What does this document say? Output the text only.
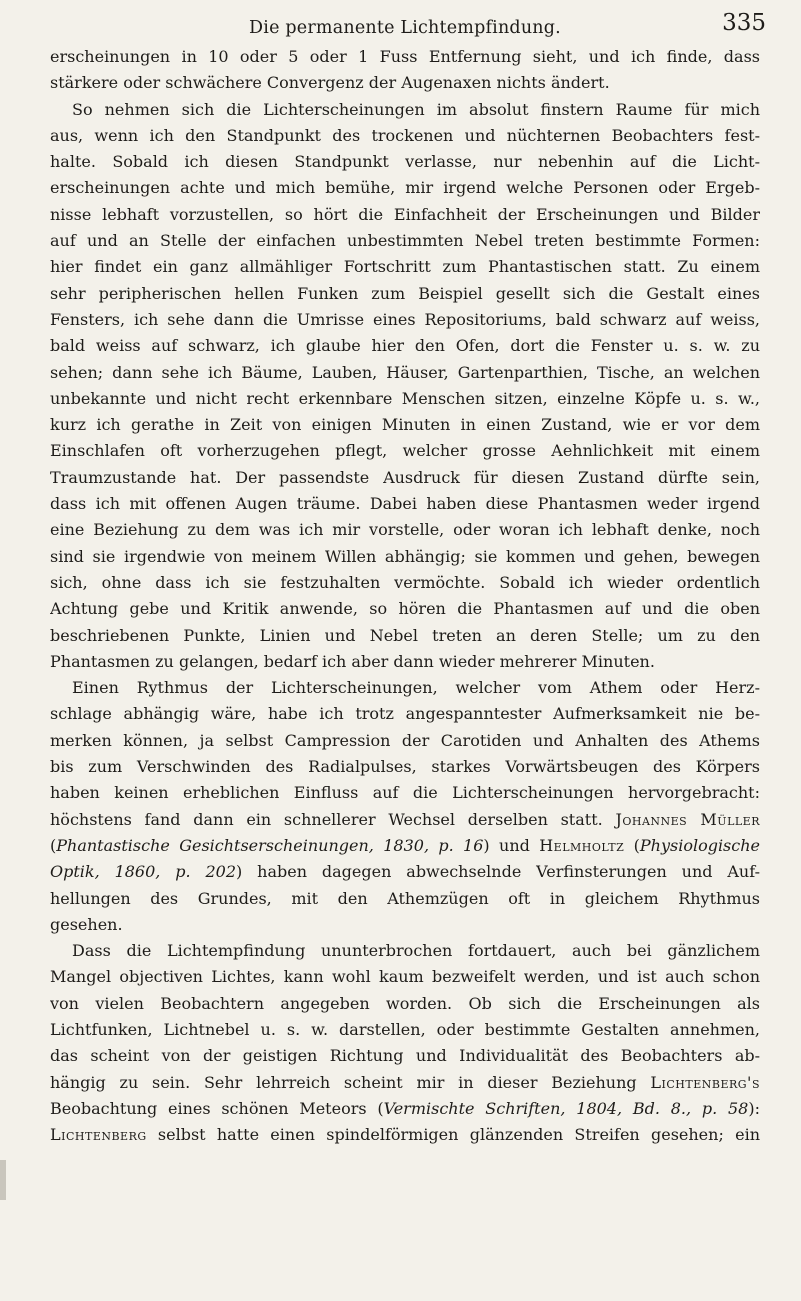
Die permanente Lichtempfindung.	335
erscheinungen in 10 oder 5 oder 1 Fuss Entfernung sieht, und ich finde, dass
stärkere oder schwächere Convergenz der Augenaxen nichts ändert.
So nehmen sich die Lichterscheinungen im absolut finstern Raume für mich
aus, wenn ich den Standpunkt des trockenen und nüchternen Beobachters fest-
halte. Sobald ich diesen Standpunkt verlasse, nur nebenhin auf die Licht-
erscheinungen achte und mich bemühe, mir irgend welche Personen oder Ergeb-
nisse lebhaft vorzustellen, so hört die Einfachheit der Erscheinungen und Bilder
auf und an Stelle der einfachen unbestimmten Nebel treten bestimmte Formen:
hier findet ein ganz allmähliger Fortschritt zum Phantastischen statt. Zu einem
sehr peripherischen hellen Funken zum Beispiel gesellt sich die Gestalt eines
Fensters, ich sehe dann die Umrisse eines Repositoriums, bald schwarz auf weiss,
bald weiss auf schwarz, ich glaube hier den Ofen, dort die Fenster u. s. w. zu
sehen; dann sehe ich Bäume, Lauben, Häuser, Gartenparthien, Tische, an welchen
unbekannte und nicht recht erkennbare Menschen sitzen, einzelne Köpfe u. s. w.,
kurz ich gerathe in Zeit von einigen Minuten in einen Zustand, wie er vor dem
Einschlafen oft vorherzugehen pflegt, welcher grosse Aehnlichkeit mit einem
Traumzustande hat. Der passendste Ausdruck für diesen Zustand dürfte sein,
dass ich mit offenen Augen träume. Dabei haben diese Phantasmen weder irgend
eine Beziehung zu dem was ich mir vorstelle, oder woran ich lebhaft denke, noch
sind sie irgendwie von meinem Willen abhängig; sie kommen und gehen, bewegen
sich, ohne dass ich sie festzuhalten vermöchte. Sobald ich wieder ordentlich
Achtung gebe und Kritik anwende, so hören die Phantasmen auf und die oben
beschriebenen Punkte, Linien und Nebel treten an deren Stelle; um zu den
Phantasmen zu gelangen, bedarf ich aber dann wieder mehrerer Minuten.
Einen Rythmus der Lichterscheinungen, welcher vom Athem oder Herz-
schlage abhängig wäre, habe ich trotz angespanntester Aufmerksamkeit nie be-
merken können, ja selbst Campression der Carotiden und Anhalten des Athems
bis zum Verschwinden des Radialpulses, starkes Vorwärtsbeugen des Körpers
haben keinen erheblichen Einfluss auf die Lichterscheinungen hervorgebracht:
höchstens fand dann ein schnellerer Wechsel derselben statt. Johannes Müller
(Phantastische Gesichtserscheinungen, 1830, p. 16) und Helmholtz (Physiologische
Optik, 1860, p. 202) haben dagegen abwechselnde Verfinsterungen und Auf-
hellungen des Grundes, mit den Athemzügen oft in gleichem Rhythmus
gesehen.
Dass die Lichtempfindung ununterbrochen fortdauert, auch bei gänzlichem
Mangel objectiven Lichtes, kann wohl kaum bezweifelt werden, und ist auch schon
von vielen Beobachtern angegeben worden. Ob sich die Erscheinungen als
Lichtfunken, Lichtnebel u. s. w. darstellen, oder bestimmte Gestalten annehmen,
das scheint von der geistigen Richtung und Individualität des Beobachters ab-
hängig zu sein. Sehr lehrreich scheint mir in dieser Beziehung Lichtenberg's
Beobachtung eines schönen Meteors (Vermischte Schriften, 1804, Bd. 8., p. 58):
Lichtenberg selbst hatte einen spindelförmigen glänzenden Streifen gesehen; ein
